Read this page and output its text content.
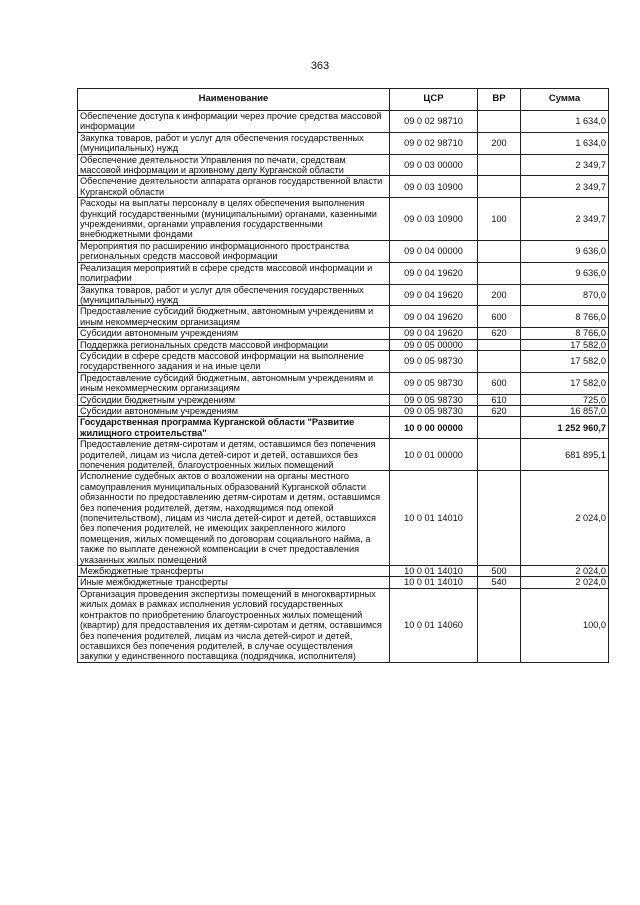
363
Наименование	ЦСР	ВР	Сумма
Обеспечение доступа к информации через прочие средства массовой информации	09 0 02 98710		1 634,0
Закупка товаров, работ и услуг для обеспечения государственных (муниципальных) нужд	09 0 02 98710	200	1 634,0
Обеспечение деятельности Управления по печати, средствам массовой информации и архивному делу Курганской области	09 0 03 00000		2 349,7
Обеспечение деятельности аппарата органов государственной власти Курганской области	09 0 03 10900		2 349,7
Расходы на выплаты персоналу в целях обеспечения выполнения функций государственными (муниципальными) органами, казенными учреждениями, органами управления государственными внебюджетными фондами	09 0 03 10900	100	2 349,7
Мероприятия по расширению информационного пространства региональных средств массовой информации	09 0 04 00000		9 636,0
Реализация мероприятий в сфере средств массовой информации и полиграфии	09 0 04 19620		9 636,0
Закупка товаров, работ и услуг для обеспечения государственных (муниципальных) нужд	09 0 04 19620	200	870,0
Предоставление субсидий бюджетным, автономным учреждениям и иным некоммерческим организациям	09 0 04 19620	600	8 766,0
Субсидии автономным учреждениям	09 0 04 19620	620	8 766,0
Поддержка региональных средств массовой информации	09 0 05 00000		17 582,0
Субсидии в сфере средств массовой информации на выполнение государственного задания и на иные цели	09 0 05 98730		17 582,0
Предоставление субсидий бюджетным, автономным учреждениям и иным некоммерческим организациям	09 0 05 98730	600	17 582,0
Субсидии бюджетным учреждениям	09 0 05 98730	610	725,0
Субсидии автономным учреждениям	09 0 05 98730	620	16 857,0
Государственная программа Курганской области "Развитие жилищного строительства"	10 0 00 00000		1 252 960,7
Предоставление детям-сиротам и детям, оставшимся без попечения родителей, лицам из числа детей-сирот и детей, оставшихся без попечения родителей, благоустроенных жилых помещений	10 0 01 00000		681 895,1
Исполнение судебных актов о возложении на органы местного самоуправления муниципальных образований Курганской области обязанности по предоставлению детям-сиротам и детям, оставшимся без попечения родителей, детям, находящимся под опекой (попечительством), лицам из числа детей-сирот и детей, оставшихся без попечения родителей, не имеющих закрепленного жилого помещения, жилых помещений по договорам социального найма, а также по выплате денежной компенсации в счет предоставления указанных жилых помещений	10 0 01 14010		2 024,0
Межбюджетные трансферты	10 0 01 14010	500	2 024,0
Иные межбюджетные трансферты	10 0 01 14010	540	2 024,0
Организация проведения экспертизы помещений в многоквартирных жилых домах в рамках исполнения условий государственных контрактов по приобретению благоустроенных жилых помещений (квартир) для предоставления их детям-сиротам и детям, оставшимся без попечения родителей, лицам из числа детей-сирот и детей, оставшихся без попечения родителей, в случае осуществления закупки у единственного поставщика (подрядчика, исполнителя)	10 0 01 14060		100,0
